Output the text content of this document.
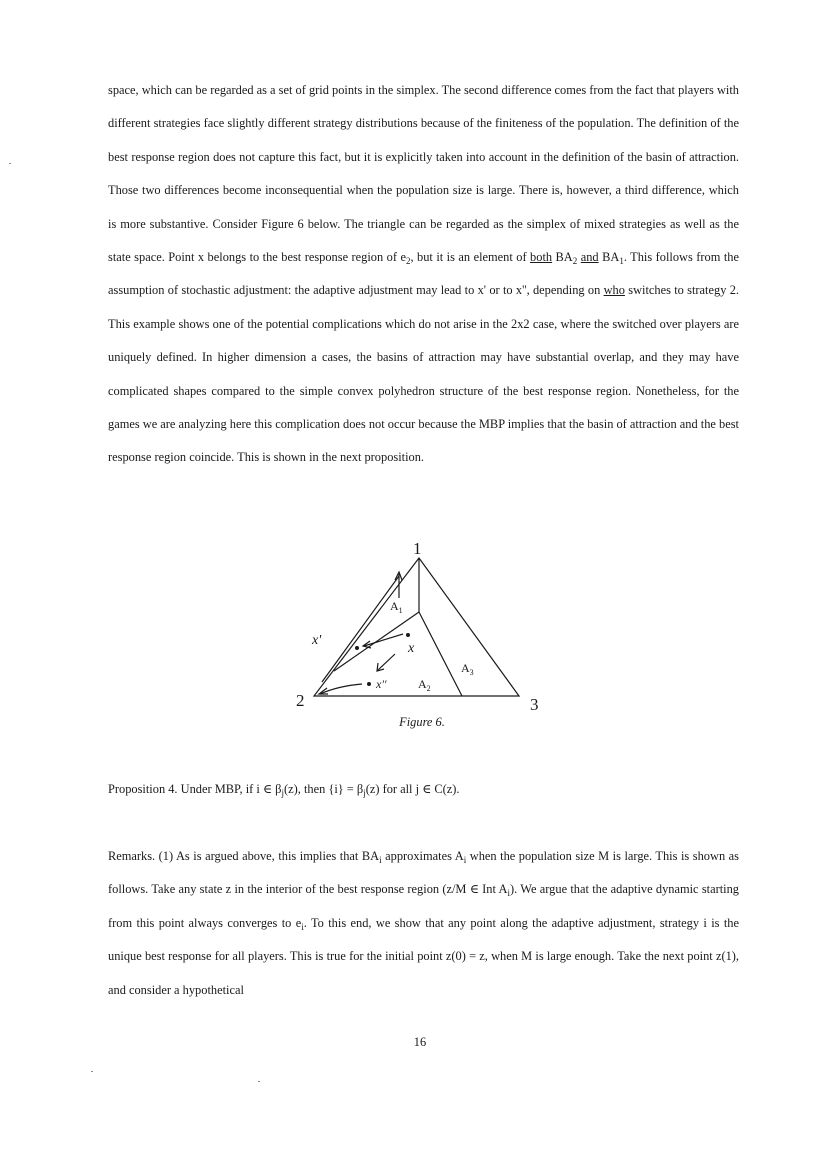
space, which can be regarded as a set of grid points in the simplex. The second difference comes from the fact that players with different strategies face slightly different strategy distributions because of the finiteness of the population. The definition of the best response region does not capture this fact, but it is explicitly taken into account in the definition of the basin of attraction. Those two differences become inconsequential when the population size is large. There is, however, a third difference, which is more substantive. Consider Figure 6 below. The triangle can be regarded as the simplex of mixed strategies as well as the state space. Point x belongs to the best response region of $e_2$, but it is an element of both $BA_2$ and $BA_1$. This follows from the assumption of stochastic adjustment: the adaptive adjustment may lead to x' or to x'', depending on who switches to strategy 2. This example shows one of the potential complications which do not arise in the 2x2 case, where the switched over players are uniquely defined. In higher dimension a cases, the basins of attraction may have substantial overlap, and they may have complicated shapes compared to the simple convex polyhedron structure of the best response region. Nonetheless, for the games we are analyzing here this complication does not occur because the MBP implies that the basin of attraction and the best response region coincide. This is shown in the next proposition.

1
2	3
$A_1$
$A_2$
$A_3$
x
x'
x''
Figure 6.

Proposition 4. Under MBP, if i ∈ $\beta_j(z)$, then $\{i\} = \beta_j(z)$ for all j ∈ C(z).

Remarks. (1) As is argued above, this implies that $BA_i$ approximates $A_i$ when the population size M is large. This is shown as follows. Take any state z in the interior of the best response region (z/M ∈ Int $A_i$). We argue that the adaptive dynamic starting from this point always converges to $e_i$. To this end, we show that any point along the adaptive adjustment, strategy i is the unique best response for all players. This is true for the initial point z(0) = z, when M is large enough. Take the next point z(1), and consider a hypothetical

16
